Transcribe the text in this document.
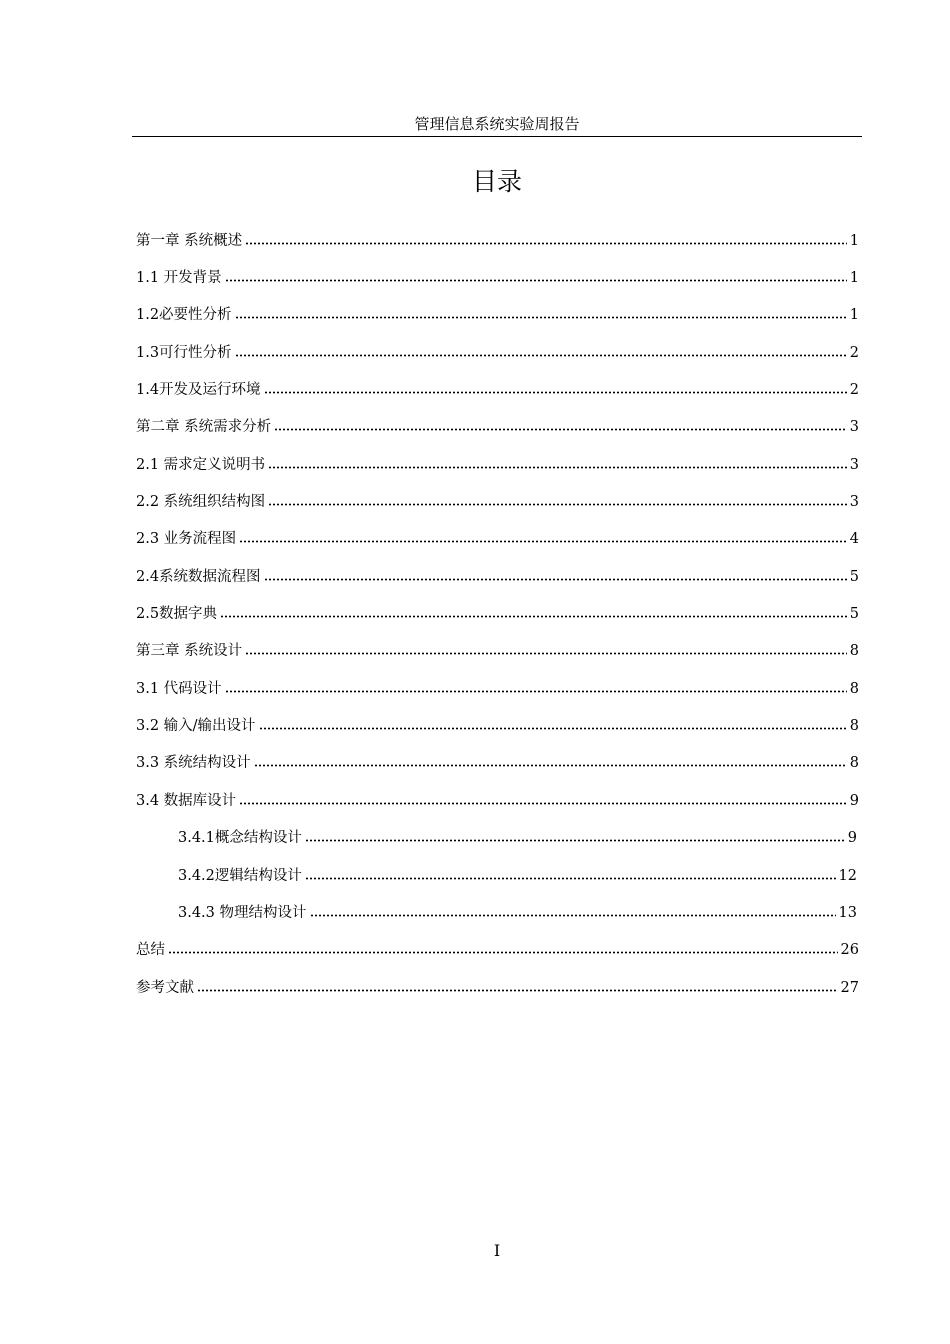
管理信息系统实验周报告
目录
第一章 系统概述	1
1.1 开发背景	1
1.2必要性分析	1
1.3可行性分析	2
1.4开发及运行环境	2
第二章 系统需求分析	3
2.1 需求定义说明书	3
2.2 系统组织结构图	3
2.3 业务流程图	4
2.4系统数据流程图	5
2.5数据字典	5
第三章 系统设计	8
3.1 代码设计	8
3.2 输入/输出设计	8
3.3 系统结构设计	8
3.4 数据库设计	9
3.4.1概念结构设计	9
3.4.2逻辑结构设计	12
3.4.3 物理结构设计	13
总结	26
参考文献	27
I
